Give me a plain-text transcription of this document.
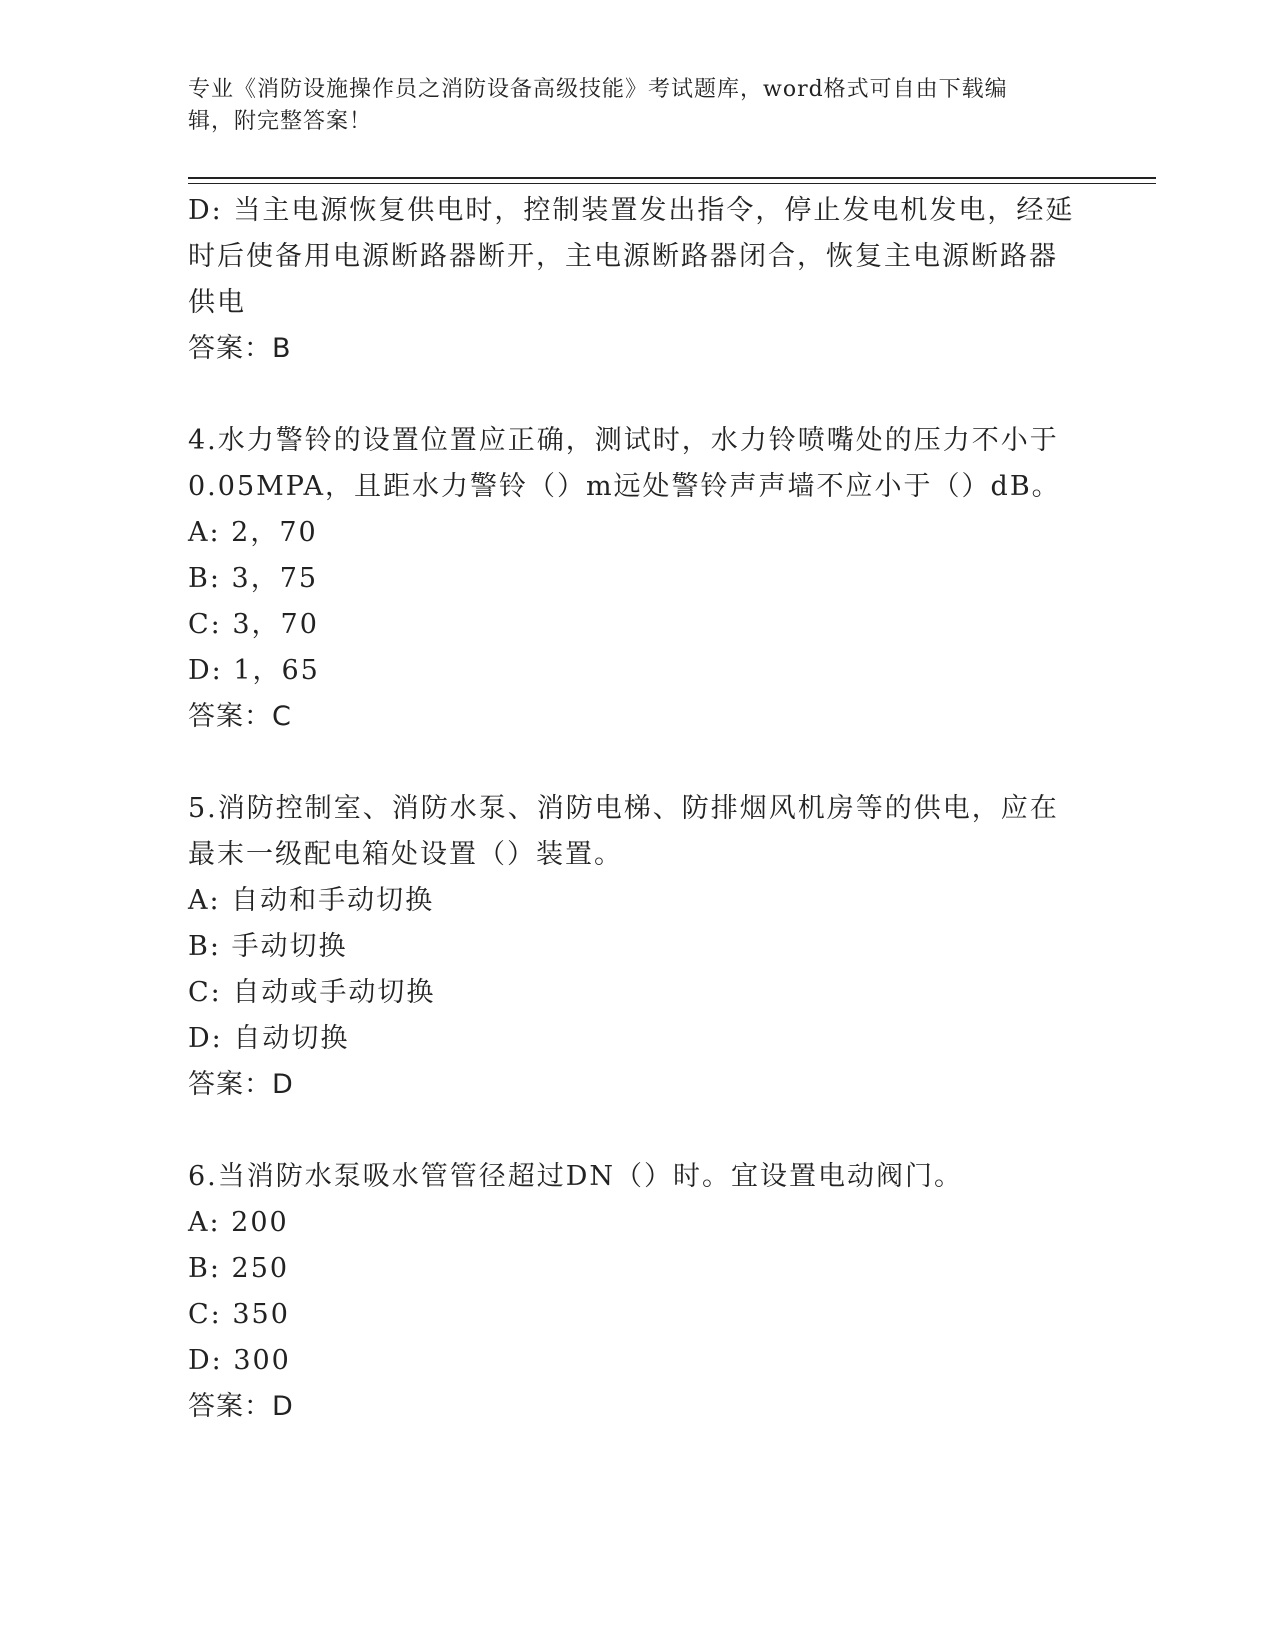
专业《消防设施操作员之消防设备高级技能》考试题库，word格式可自由下载编
辑，附完整答案！

D: 当主电源恢复供电时，控制装置发出指令，停止发电机发电，经延

时后使备用电源断路器断开，主电源断路器闭合，恢复主电源断路器

供电

答案：B

4.水力警铃的设置位置应正确，测试时，水力铃喷嘴处的压力不小于

0.05MPA，且距水力警铃（）m远处警铃声声墙不应小于（）dB。

A: 2，70

B: 3，75

C: 3，70

D: 1，65

答案：C

5.消防控制室、消防水泵、消防电梯、防排烟风机房等的供电，应在

最末一级配电箱处设置（）装置。

A: 自动和手动切换

B: 手动切换

C: 自动或手动切换

D: 自动切换

答案：D

6.当消防水泵吸水管管径超过DN（）时。宜设置电动阀门。

A: 200

B: 250

C: 350

D: 300

答案：D
